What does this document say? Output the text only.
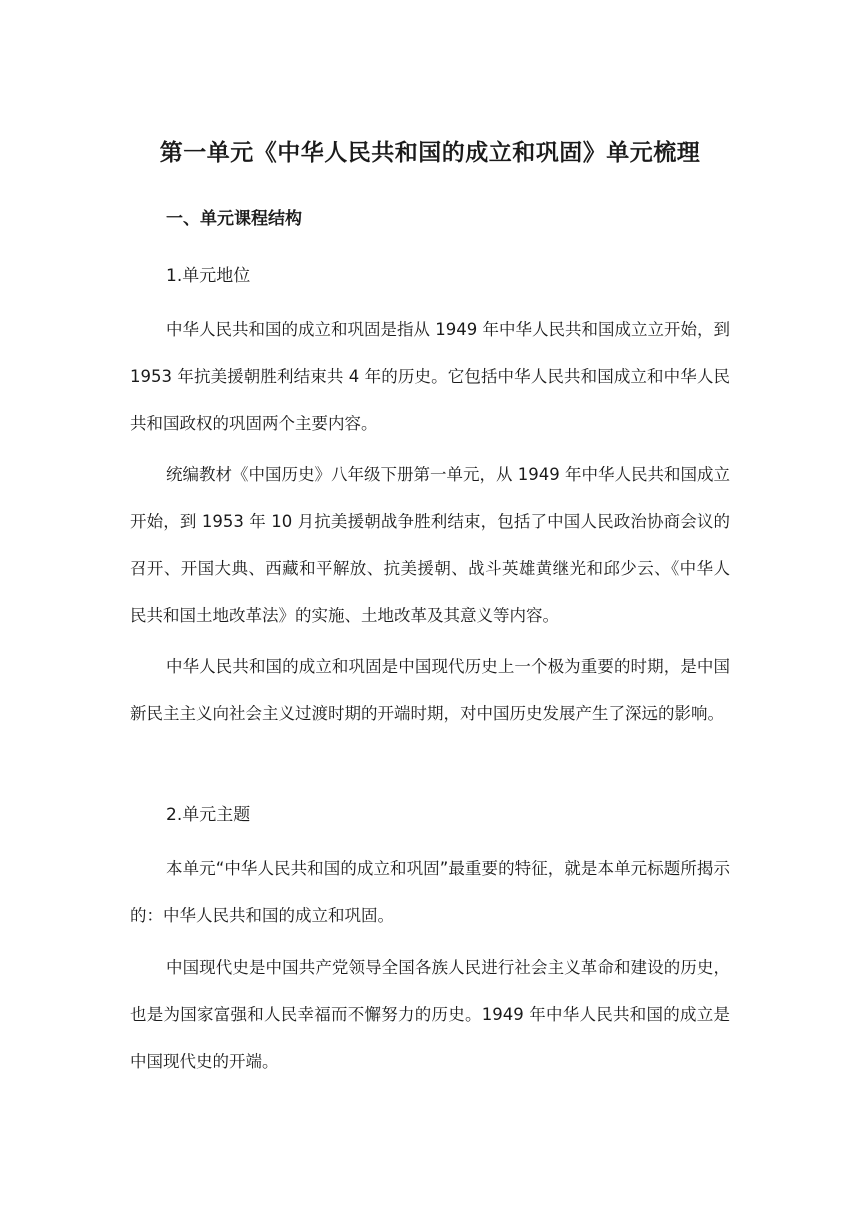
第一单元《中华人民共和国的成立和巩固》单元梳理
一、单元课程结构
1.单元地位

中华人民共和国的成立和巩固是指从 1949 年中华人民共和国成立立开始，到 1953 年抗美援朝胜利结束共 4 年的历史。它包括中华人民共和国成立和中华人民共和国政权的巩固两个主要内容。

统编教材《中国历史》八年级下册第一单元，从 1949 年中华人民共和国成立开始，到 1953 年 10 月抗美援朝战争胜利结束，包括了中国人民政治协商会议的召开、开国大典、西藏和平解放、抗美援朝、战斗英雄黄继光和邱少云、《中华人民共和国土地改革法》的实施、土地改革及其意义等内容。

中华人民共和国的成立和巩固是中国现代历史上一个极为重要的时期，是中国新民主主义向社会主义过渡时期的开端时期，对中国历史发展产生了深远的影响。

2.单元主题

本单元“中华人民共和国的成立和巩固”最重要的特征，就是本单元标题所揭示的：中华人民共和国的成立和巩固。

中国现代史是中国共产党领导全国各族人民进行社会主义革命和建设的历史，也是为国家富强和人民幸福而不懈努力的历史。1949 年中华人民共和国的成立是中国现代史的开端。
